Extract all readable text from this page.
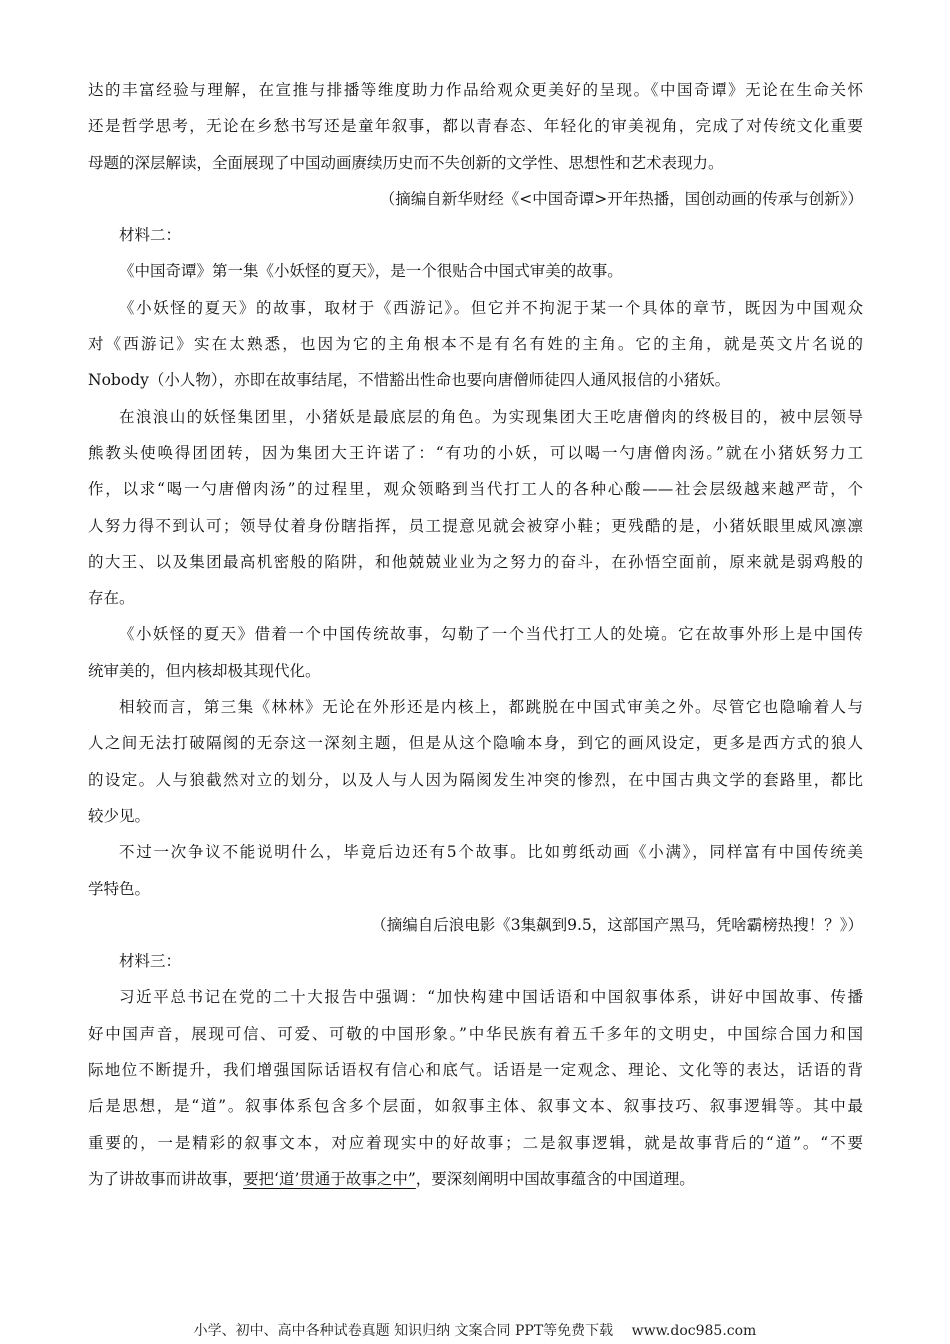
达的丰富经验与理解，在宣推与排播等维度助力作品给观众更美好的呈现。《中国奇谭》无论在生命关怀
还是哲学思考，无论在乡愁书写还是童年叙事，都以青春态、年轻化的审美视角，完成了对传统文化重要
母题的深层解读，全面展现了中国动画赓续历史而不失创新的文学性、思想性和艺术表现力。
（摘编自新华财经《<中国奇谭>开年热播，国创动画的传承与创新》）
材料二：
《中国奇谭》第一集《小妖怪的夏天》，是一个很贴合中国式审美的故事。
《小妖怪的夏天》的故事，取材于《西游记》。但它并不拘泥于某一个具体的章节，既因为中国观众
对《西游记》实在太熟悉，也因为它的主角根本不是有名有姓的主角。它的主角，就是英文片名说的
Nobody（小人物），亦即在故事结尾，不惜豁出性命也要向唐僧师徒四人通风报信的小猪妖。
在浪浪山的妖怪集团里，小猪妖是最底层的角色。为实现集团大王吃唐僧肉的终极目的，被中层领导
熊教头使唤得团团转，因为集团大王许诺了：“有功的小妖，可以喝一勺唐僧肉汤。”就在小猪妖努力工
作，以求“喝一勺唐僧肉汤”的过程里，观众领略到当代打工人的各种心酸——社会层级越来越严苛，个
人努力得不到认可；领导仗着身份瞎指挥，员工提意见就会被穿小鞋；更残酷的是，小猪妖眼里威风凛凛
的大王、以及集团最高机密般的陷阱，和他兢兢业业为之努力的奋斗，在孙悟空面前，原来就是弱鸡般的
存在。
《小妖怪的夏天》借着一个中国传统故事，勾勒了一个当代打工人的处境。它在故事外形上是中国传
统审美的，但内核却极其现代化。
相较而言，第三集《林林》无论在外形还是内核上，都跳脱在中国式审美之外。尽管它也隐喻着人与
人之间无法打破隔阂的无奈这一深刻主题，但是从这个隐喻本身，到它的画风设定，更多是西方式的狼人
的设定。人与狼截然对立的划分，以及人与人因为隔阂发生冲突的惨烈，在中国古典文学的套路里，都比
较少见。
不过一次争议不能说明什么，毕竟后边还有5个故事。比如剪纸动画《小满》，同样富有中国传统美
学特色。
（摘编自后浪电影《3集飙到9.5，这部国产黑马，凭啥霸榜热搜！？》）
材料三：
习近平总书记在党的二十大报告中强调：“加快构建中国话语和中国叙事体系，讲好中国故事、传播
好中国声音，展现可信、可爱、可敬的中国形象。”中华民族有着五千多年的文明史，中国综合国力和国
际地位不断提升，我们增强国际话语权有信心和底气。话语是一定观念、理论、文化等的表达，话语的背
后是思想，是“道”。叙事体系包含多个层面，如叙事主体、叙事文本、叙事技巧、叙事逻辑等。其中最
重要的，一是精彩的叙事文本，对应着现实中的好故事；二是叙事逻辑，就是故事背后的“道”。“不要
为了讲故事而讲故事，要把‘道’贯通于故事之中”，要深刻阐明中国故事蕴含的中国道理。
小学、初中、高中各种试卷真题 知识归纳 文案合同 PPT等免费下载　 www.doc985.com
